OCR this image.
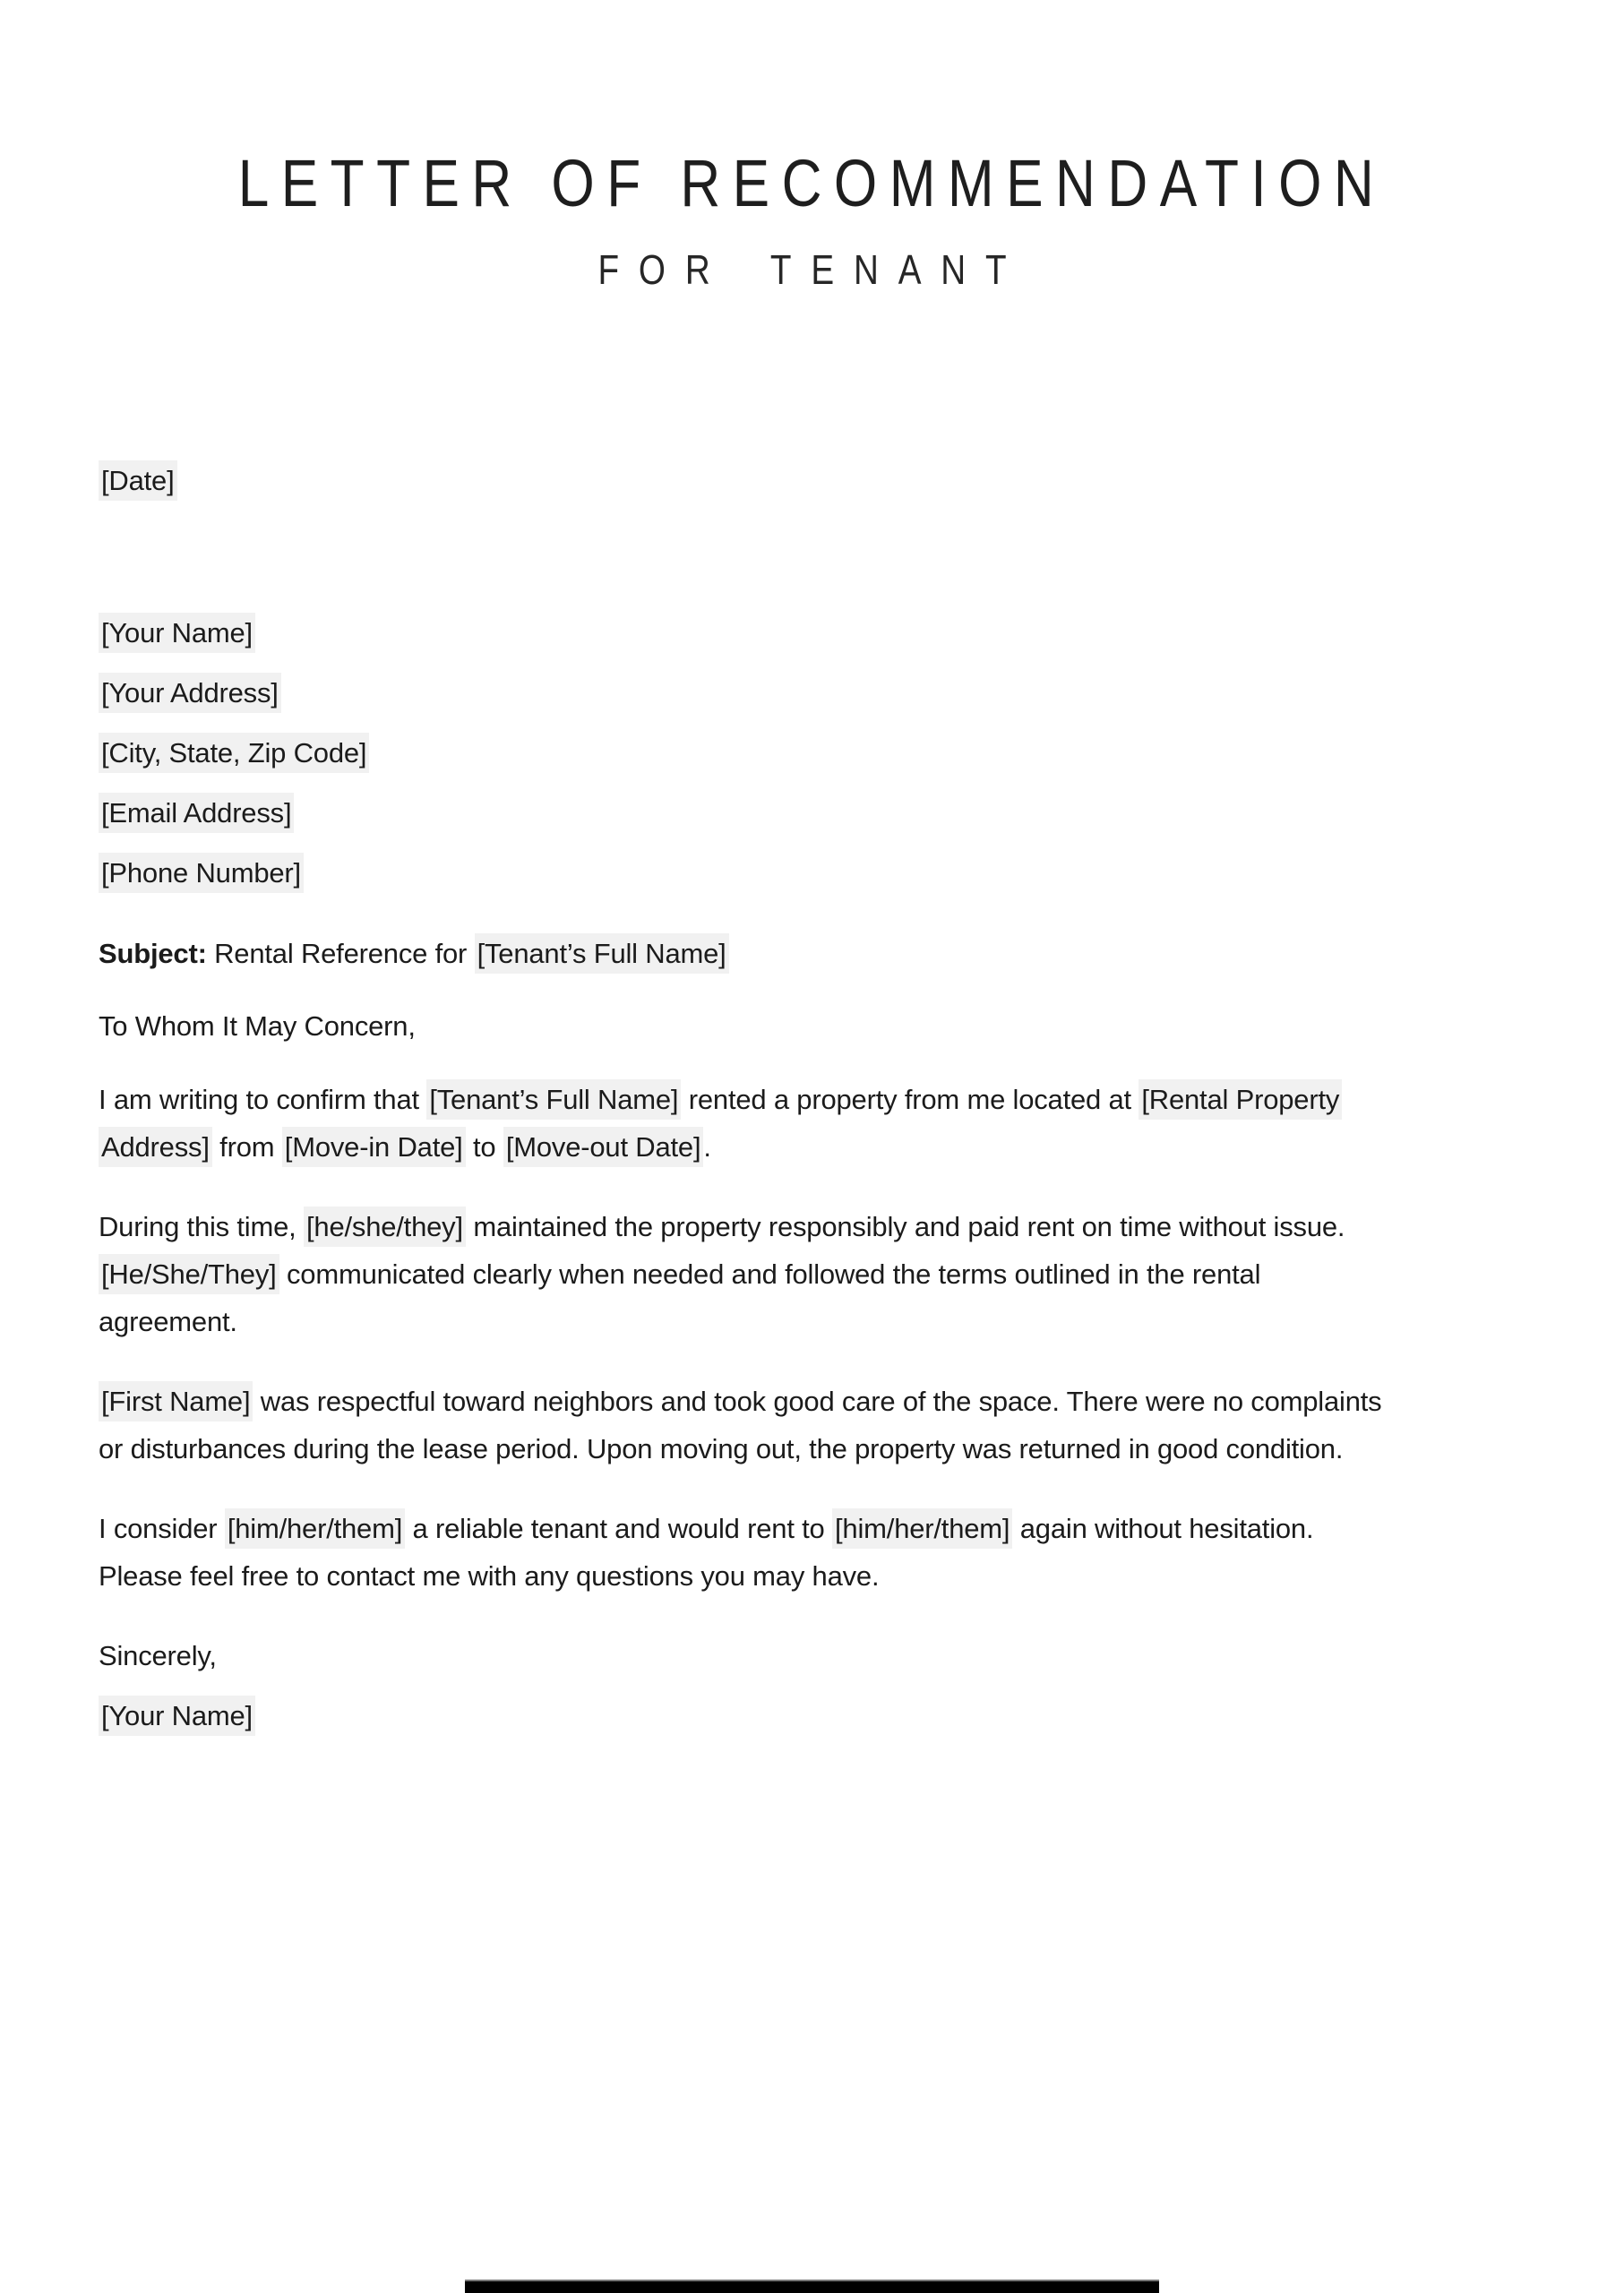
LETTER OF RECOMMENDATION
FOR TENANT
[Date]
[Your Name]
[Your Address]
[City, State, Zip Code]
[Email Address]
[Phone Number]
Subject: Rental Reference for [Tenant’s Full Name]
To Whom It May Concern,
I am writing to confirm that [Tenant’s Full Name] rented a property from me located at [Rental Property
Address] from [Move-in Date] to [Move-out Date].
During this time, [he/she/they] maintained the property responsibly and paid rent on time without issue.
[He/She/They] communicated clearly when needed and followed the terms outlined in the rental
agreement.
[First Name] was respectful toward neighbors and took good care of the space. There were no complaints
or disturbances during the lease period. Upon moving out, the property was returned in good condition.
I consider [him/her/them] a reliable tenant and would rent to [him/her/them] again without hesitation.
Please feel free to contact me with any questions you may have.
Sincerely,
[Your Name]
